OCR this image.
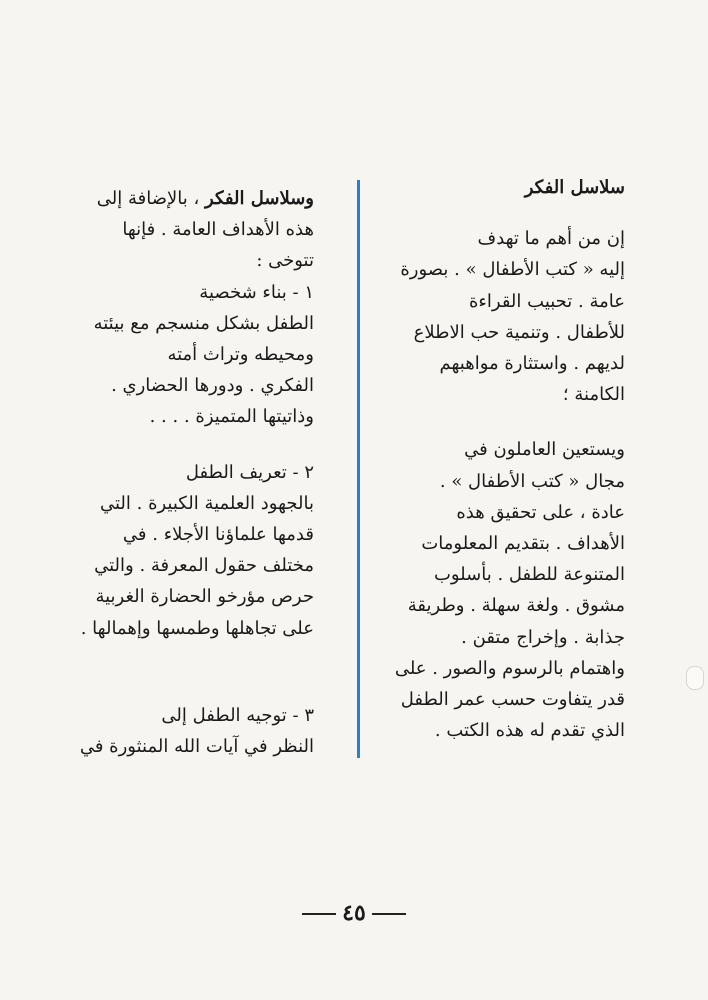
سلاسل الفكر

إن من أهم ما تهدف

إليه « كتب الأطفال » . بصورة

عامة . تحبيب القراءة

للأطفال . وتنمية حب الاطلاع

لديهم . واستثارة مواهبهم

الكامنة ؛

ويستعين العاملون في

مجال « كتب الأطفال » .

عادة ، على تحقيق هذه

الأهداف . بتقديم المعلومات

المتنوعة للطفل . بأسلوب

مشوق . ولغة سهلة . وطريقة

جذابة . وإخراج متقن .

واهتمام بالرسوم والصور . على

قدر يتفاوت حسب عمر الطفل

الذي تقدم له هذه الكتب .

وسلاسل الفكر ، بالإضافة إلى

هذه الأهداف العامة . فإنها

تتوخى :

١ - بناء شخصية

الطفل بشكل منسجم مع بيئته

ومحيطه وتراث أمته

الفكري . ودورها الحضاري .

وذاتيتها المتميزة . . . .

٢ - تعريف الطفل

بالجهود العلمية الكبيرة . التي

قدمها علماؤنا الأجلاء . في

مختلف حقول المعرفة . والتي

حرص مؤرخو الحضارة الغربية

على تجاهلها وطمسها وإهمالها .

٣ - توجيه الطفل إلى

النظر في آيات الله المنثورة في

٤٥
